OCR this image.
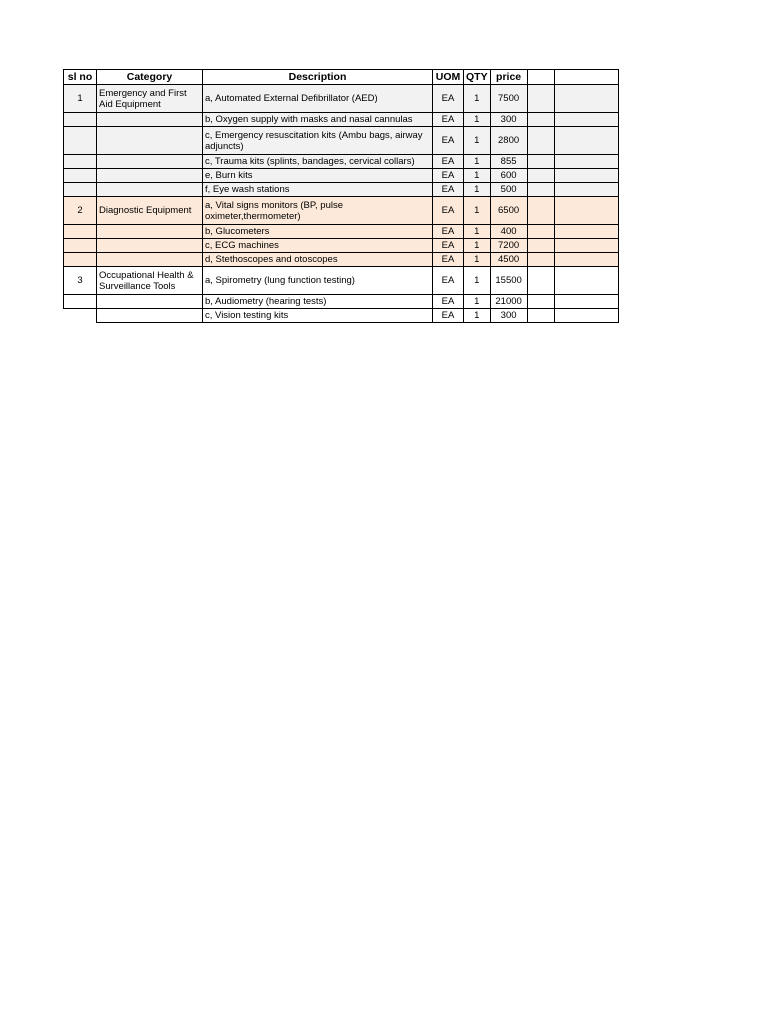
sl no	Category	Description	UOM	QTY	price		
1	Emergency and First Aid Equipment	a, Automated External Defibrillator (AED)	EA	1	7500		
		b, Oxygen supply with masks and nasal cannulas	EA	1	300		
		c, Emergency resuscitation kits (Ambu bags, airway adjuncts)	EA	1	2800		
		c, Trauma kits (splints, bandages, cervical collars)	EA	1	855		
		e, Burn kits	EA	1	600		
		f, Eye wash stations	EA	1	500		
2	Diagnostic Equipment	a, Vital signs monitors (BP, pulse oximeter,thermometer)	EA	1	6500		
		b, Glucometers	EA	1	400		
		c, ECG machines	EA	1	7200		
		d, Stethoscopes and otoscopes	EA	1	4500		
3	Occupational Health & Surveillance Tools	a, Spirometry (lung function testing)	EA	1	15500		
		b, Audiometry (hearing tests)	EA	1	21000		
		c, Vision testing kits	EA	1	300		
